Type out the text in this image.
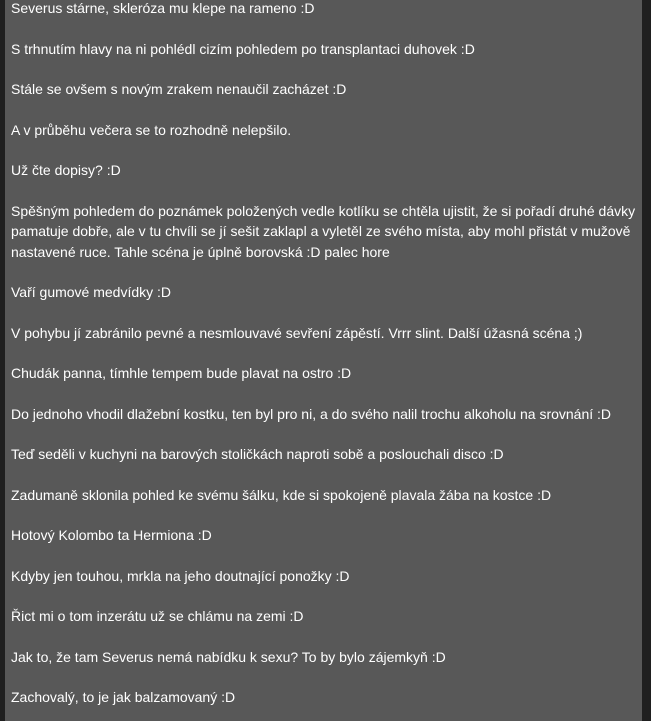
Severus stárne, skleróza mu klepe na rameno :D
S trhnutím hlavy na ni pohlédl cizím pohledem po transplantaci duhovek :D
Stále se ovšem s novým zrakem nenaučil zacházet :D
A v průběhu večera se to rozhodně nelepšilo.
Už čte dopisy? :D
Spěšným pohledem do poznámek položených vedle kotlíku se chtěla ujistit, že si pořadí druhé dávky pamatuje dobře, ale v tu chvíli se jí sešit zaklapl a vyletěl ze svého místa, aby mohl přistát v mužově nastavené ruce. Tahle scéna je úplně borovská :D palec hore
Vaří gumové medvídky :D
V pohybu jí zabránilo pevné a nesmlouvavé sevření zápěstí. Vrrr slint. Další úžasná scéna ;)
Chudák panna, tímhle tempem bude plavat na ostro :D
Do jednoho vhodil dlažební kostku, ten byl pro ni, a do svého nalil trochu alkoholu na srovnání :D
Teď seděli v kuchyni na barových stoličkách naproti sobě a poslouchali disco :D
Zadumaně sklonila pohled ke svému šálku, kde si spokojeně plavala žába na kostce :D
Hotový Kolombo ta Hermiona :D
Kdyby jen touhou, mrkla na jeho doutnající ponožky :D
Řict mi o tom inzerátu už se chlámu na zemi :D
Jak to, že tam Severus nemá nabídku k sexu? To by bylo zájemkyň :D
Zachovalý, to je jak balzamovaný :D
